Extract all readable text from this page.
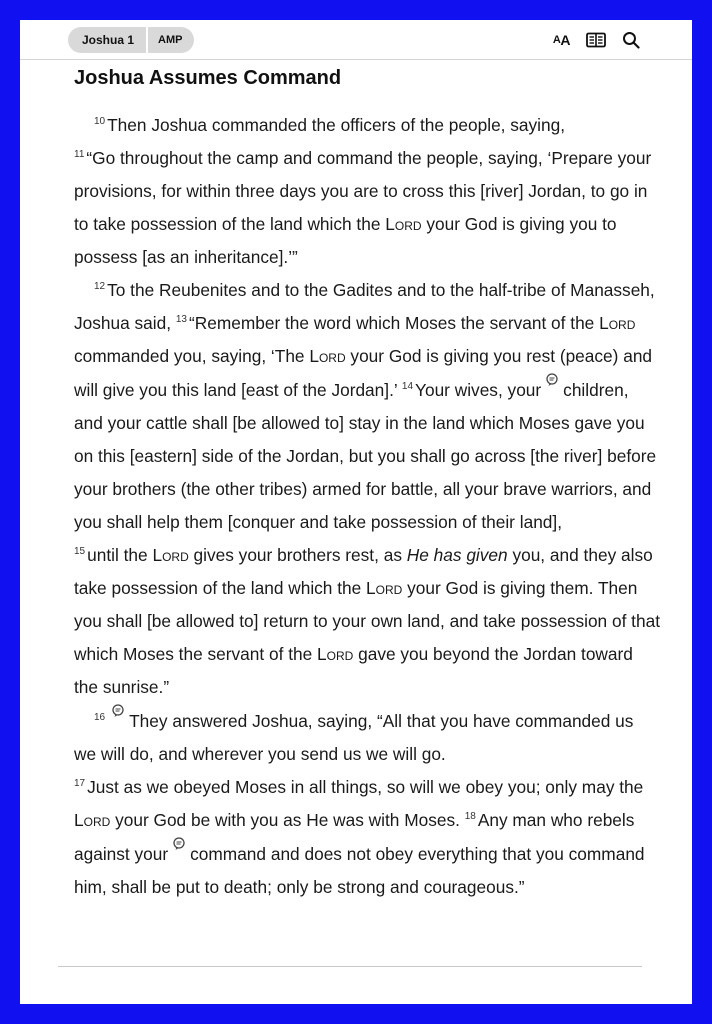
Joshua 1	AMP	A A
Joshua Assumes Command

$^{10}$ Then Joshua commanded the officers of the people, saying,
$^{11}$ “Go throughout the camp and command the people, saying, ‘Prepare your provisions, for within three days you are to cross this [river] Jordan, to go in to take possession of the land which the Lord your God is giving you to possess [as an inheritance].’”

$^{12}$ To the Reubenites and to the Gadites and to the half-tribe of Manasseh, Joshua said, $^{13}$ “Remember the word which Moses the servant of the Lord commanded you, saying, ‘The Lord your God is giving you rest (peace) and will give you this land [east of the Jordan].’ $^{14}$ Your wives, your children, and your cattle shall [be allowed to] stay in the land which Moses gave you on this [eastern] side of the Jordan, but you shall go across [the river] before your brothers (the other tribes) armed for battle, all your brave warriors, and you shall help them [conquer and take possession of their land],
$^{15}$ until the Lord gives your brothers rest, as He has given you, and they also take possession of the land which the Lord your God is giving them. Then you shall [be allowed to] return to your own land, and take possession of that which Moses the servant of the Lord gave you beyond the Jordan toward the sunrise.”

$^{16}$ They answered Joshua, saying, “All that you have commanded us we will do, and wherever you send us we will go.
$^{17}$ Just as we obeyed Moses in all things, so will we obey you; only may the Lord your God be with you as He was with Moses. $^{18}$ Any man who rebels against your command and does not obey everything that you command him, shall be put to death; only be strong and courageous.”
